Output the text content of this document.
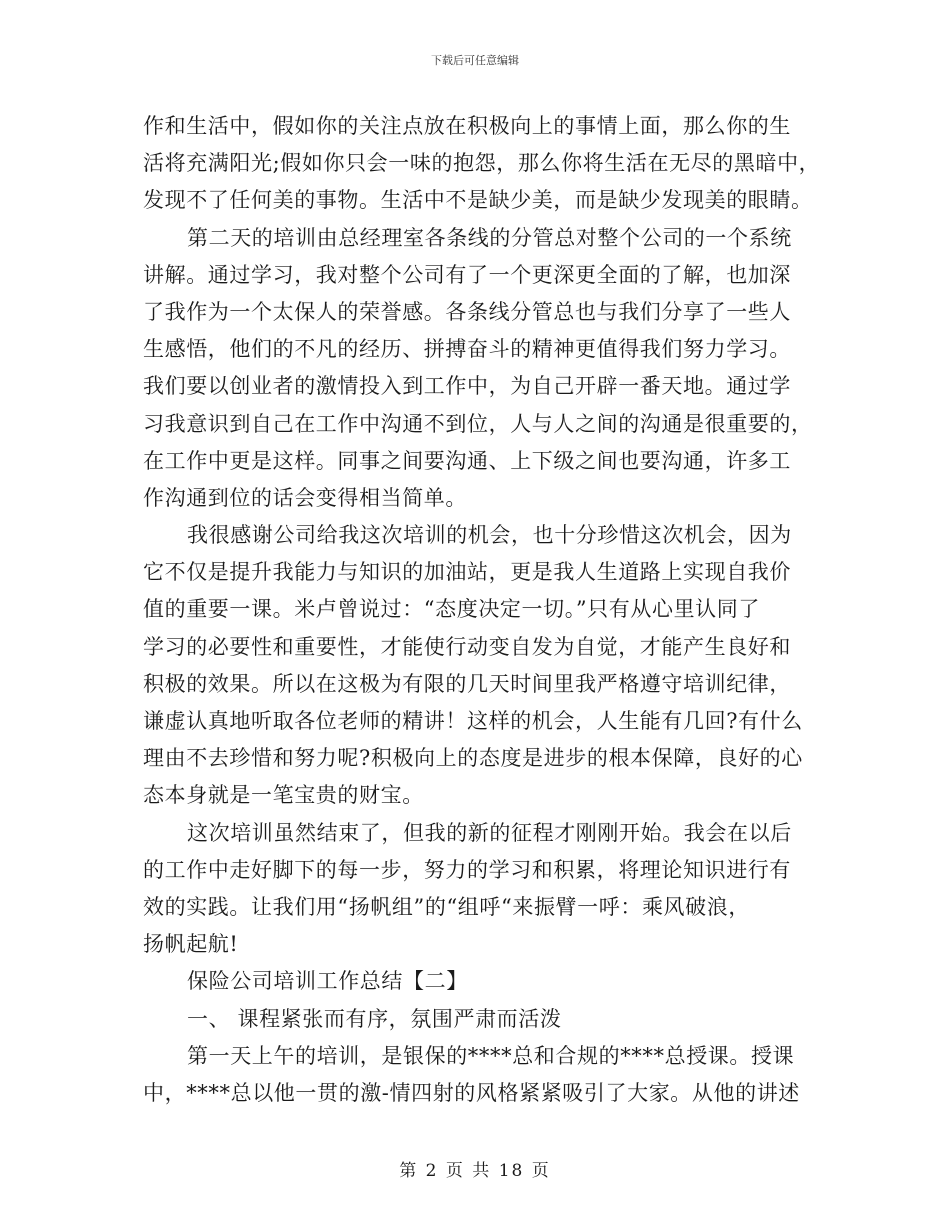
下载后可任意编辑
作和生活中，假如你的关注点放在积极向上的事情上面，那么你的生
活将充满阳光;假如你只会一味的抱怨，那么你将生活在无尽的黑暗中，
发现不了任何美的事物。生活中不是缺少美，而是缺少发现美的眼睛。
第二天的培训由总经理室各条线的分管总对整个公司的一个系统
讲解。通过学习，我对整个公司有了一个更深更全面的了解，也加深
了我作为一个太保人的荣誉感。各条线分管总也与我们分享了一些人
生感悟，他们的不凡的经历、拼搏奋斗的精神更值得我们努力学习。
我们要以创业者的激情投入到工作中，为自己开辟一番天地。通过学
习我意识到自己在工作中沟通不到位，人与人之间的沟通是很重要的，
在工作中更是这样。同事之间要沟通、上下级之间也要沟通，许多工
作沟通到位的话会变得相当简单。
我很感谢公司给我这次培训的机会，也十分珍惜这次机会，因为
它不仅是提升我能力与知识的加油站，更是我人生道路上实现自我价
值的重要一课。米卢曾说过：“态度决定一切。”只有从心里认同了
学习的必要性和重要性，才能使行动变自发为自觉，才能产生良好和
积极的效果。所以在这极为有限的几天时间里我严格遵守培训纪律，
谦虚认真地听取各位老师的精讲！这样的机会，人生能有几回?有什么
理由不去珍惜和努力呢?积极向上的态度是进步的根本保障，良好的心
态本身就是一笔宝贵的财宝。
这次培训虽然结束了，但我的新的征程才刚刚开始。我会在以后
的工作中走好脚下的每一步，努力的学习和积累，将理论知识进行有
效的实践。让我们用“扬帆组”的“组呼“来振臂一呼：乘风破浪，
扬帆起航!
保险公司培训工作总结【二】
一、 课程紧张而有序，氛围严肃而活泼
第一天上午的培训，是银保的****总和合规的****总授课。授课
中，****总以他一贯的激-情四射的风格紧紧吸引了大家。从他的讲述
第 2 页 共 18 页
